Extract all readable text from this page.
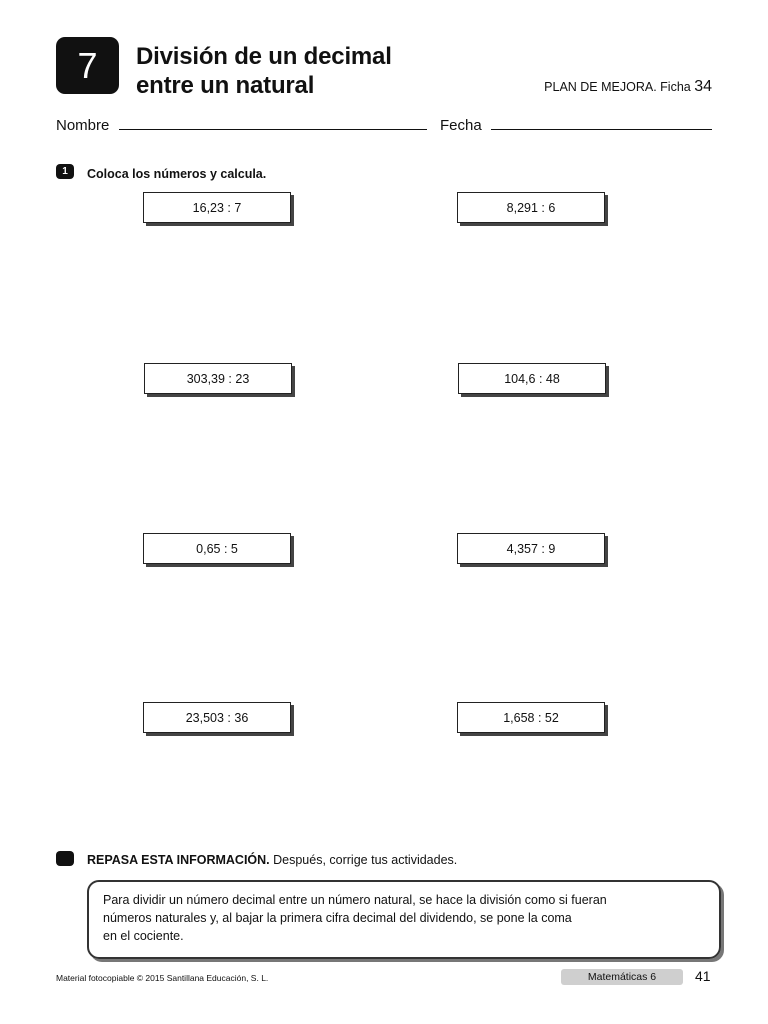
7 División de un decimal
entre un natural	PLAN DE MEJORA. Ficha 34
Nombre	Fecha
1	Coloca los números y calcula.
16,23 : 7	8,291 : 6
303,39 : 23	104,6 : 48
0,65 : 5	4,357 : 9
23,503 : 36	1,658 : 52
REPASA ESTA INFORMACIÓN. Después, corrige tus actividades.
Para dividir un número decimal entre un número natural, se hace la división como si fueran
números naturales y, al bajar la primera cifra decimal del dividendo, se pone la coma
en el cociente.
Material fotocopiable © 2015 Santillana Educación, S. L.	Matemáticas 6	41
